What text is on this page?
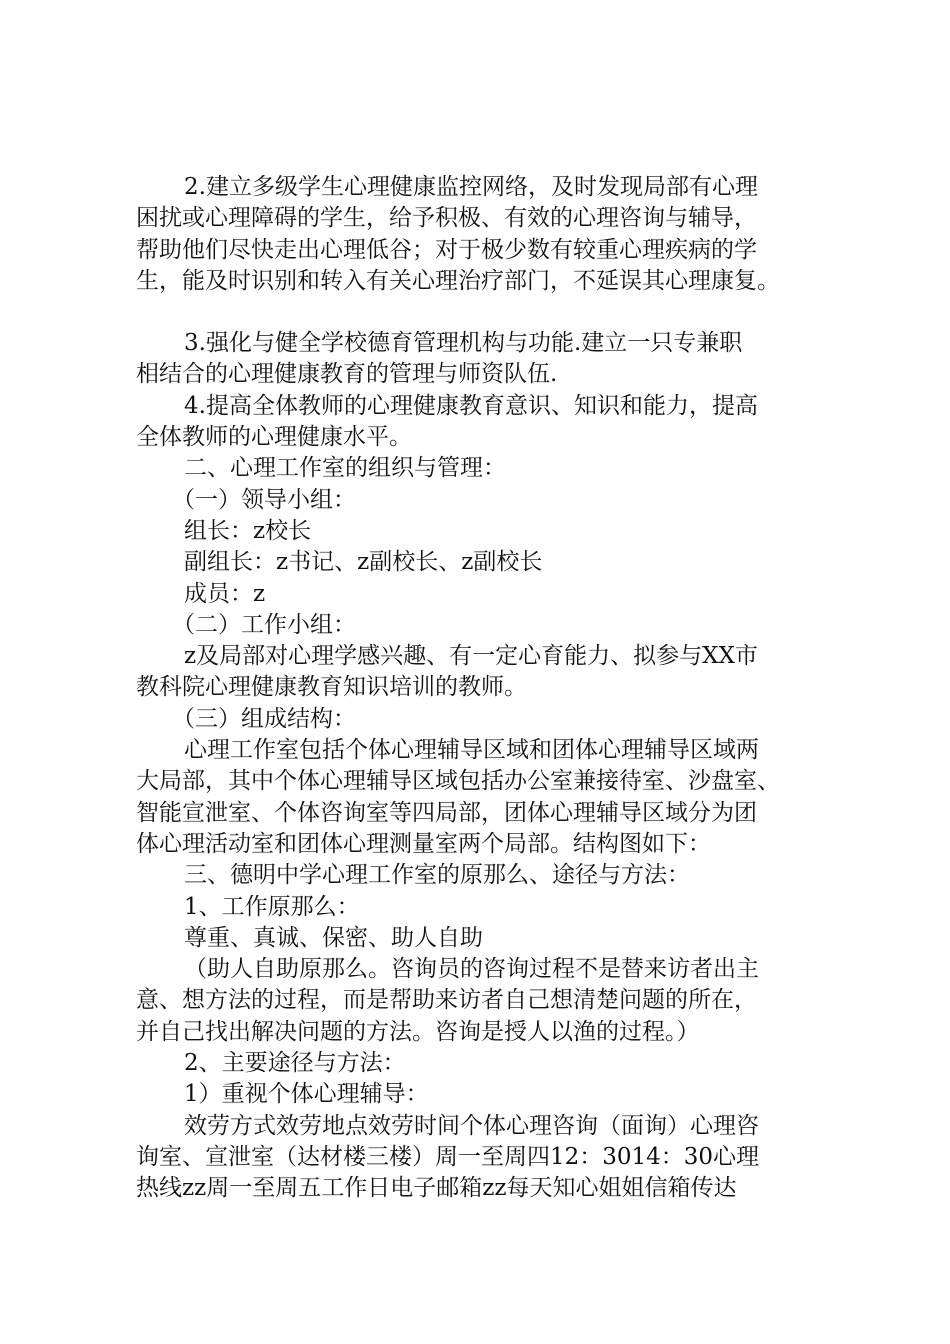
2.建立多级学生心理健康监控网络，及时发现局部有心理

困扰或心理障碍的学生，给予积极、有效的心理咨询与辅导，

帮助他们尽快走出心理低谷；对于极少数有较重心理疾病的学

生，能及时识别和转入有关心理治疗部门，不延误其心理康复。

3.强化与健全学校德育管理机构与功能.建立一只专兼职

相结合的心理健康教育的管理与师资队伍.

4.提高全体教师的心理健康教育意识、知识和能力，提高

全体教师的心理健康水平。

二、心理工作室的组织与管理：

（一）领导小组：

组长：z校长

副组长：z书记、z副校长、z副校长

成员：z

（二）工作小组：

z及局部对心理学感兴趣、有一定心育能力、拟参与XX市

教科院心理健康教育知识培训的教师。

（三）组成结构：

心理工作室包括个体心理辅导区域和团体心理辅导区域两

大局部，其中个体心理辅导区域包括办公室兼接待室、沙盘室、

智能宣泄室、个体咨询室等四局部，团体心理辅导区域分为团

体心理活动室和团体心理测量室两个局部。结构图如下：

三、德明中学心理工作室的原那么、途径与方法：

1、工作原那么：

尊重、真诚、保密、助人自助

（助人自助原那么。咨询员的咨询过程不是替来访者出主

意、想方法的过程，而是帮助来访者自己想清楚问题的所在，

并自己找出解决问题的方法。咨询是授人以渔的过程。）

2、主要途径与方法：

1）重视个体心理辅导：

效劳方式效劳地点效劳时间个体心理咨询（面询）心理咨

询室、宣泄室（达材楼三楼）周一至周四12：3014：30心理

热线zz周一至周五工作日电子邮箱zz每天知心姐姐信箱传达
